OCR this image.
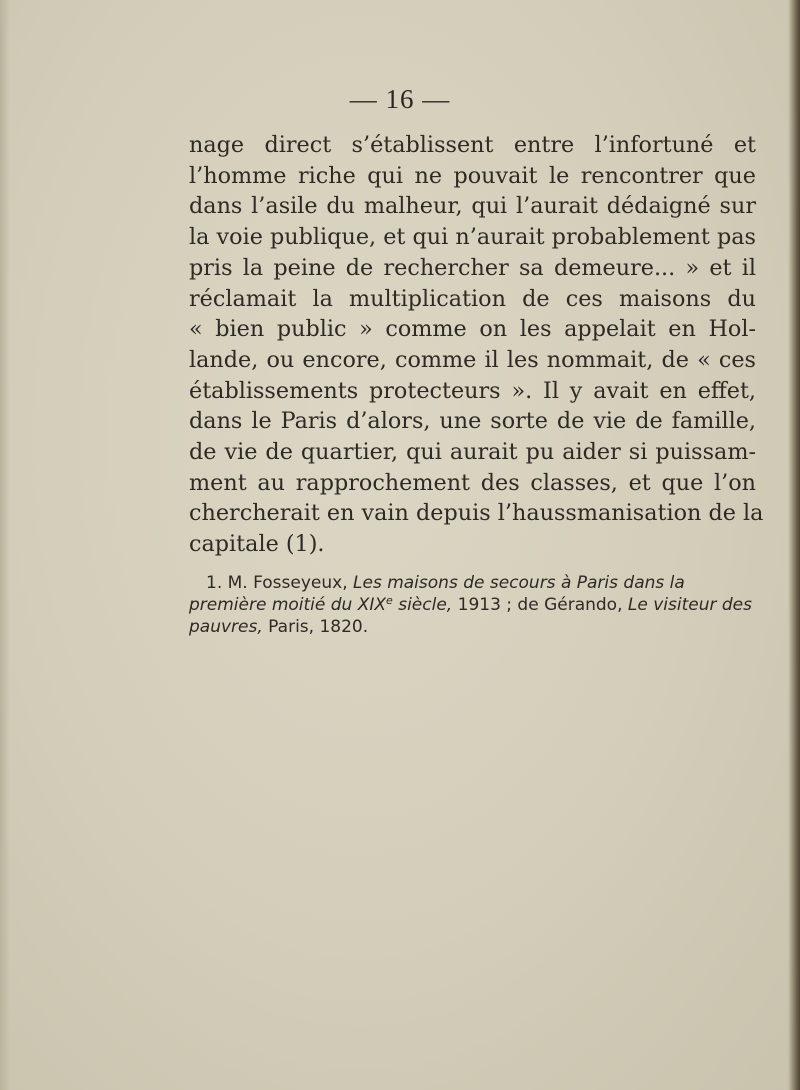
— 16 —
nage direct s’établissent entre l’infortuné et
l’homme riche qui ne pouvait le rencontrer que
dans l’asile du malheur, qui l’aurait dédaigné sur
la voie publique, et qui n’aurait probablement pas
pris la peine de rechercher sa demeure... » et il
réclamait la multiplication de ces maisons du
« bien public » comme on les appelait en Hol-
lande, ou encore, comme il les nommait, de « ces
établissements protecteurs ». Il y avait en effet,
dans le Paris d’alors, une sorte de vie de famille,
de vie de quartier, qui aurait pu aider si puissam-
ment au rapprochement des classes, et que l’on
chercherait en vain depuis l’haussmanisation de la
capitale (1).
1. M. Fosseyeux, Les maisons de secours à Paris dans la
première moitié du XIXe siècle, 1913 ; de Gérando, Le visiteur des
pauvres, Paris, 1820.
